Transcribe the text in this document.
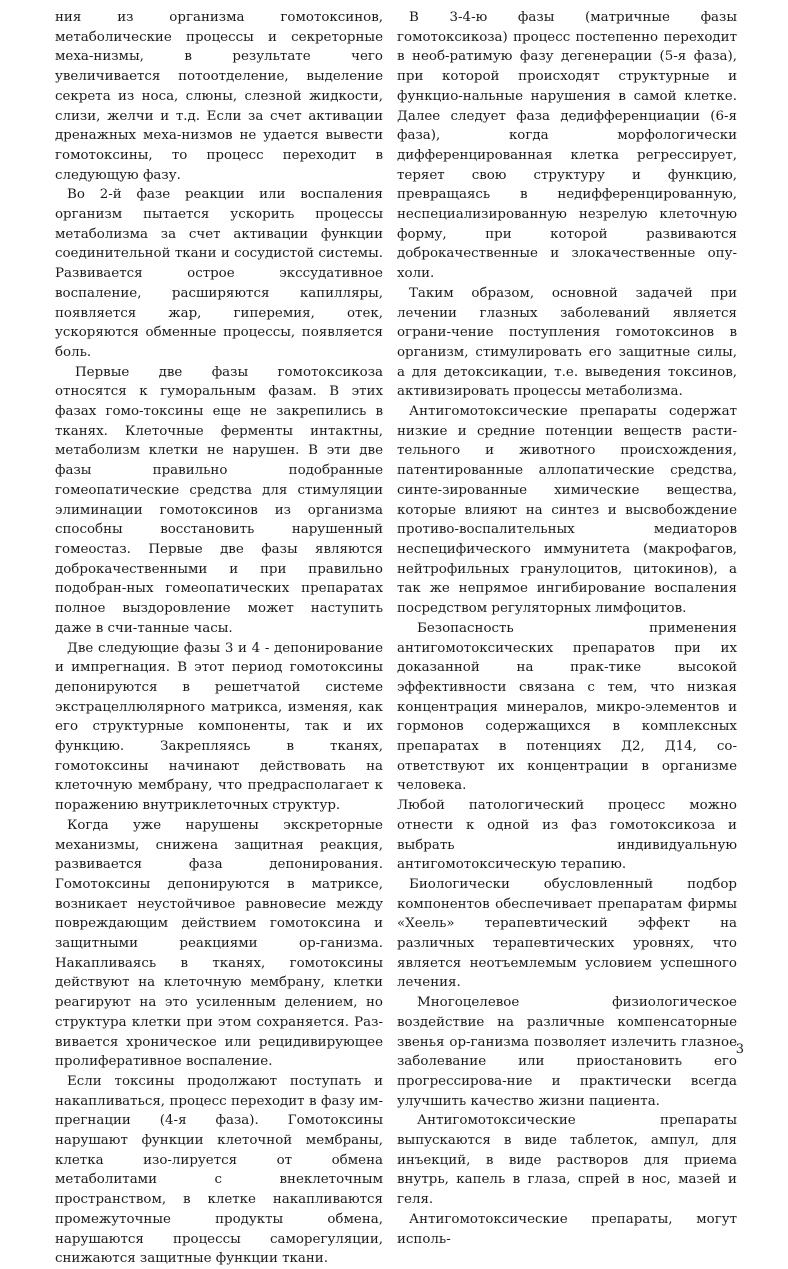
ния из организма гомотоксинов, метаболические процессы и секреторные меха-низмы, в результате чего увеличивается потоотделение, выделение секрета из носа, слюны, слезной жидкости, слизи, желчи и т.д. Если за счет активации дренажных меха-низмов не удается вывести гомотоксины, то процесс переходит в следующую фазу.

Во 2-й фазе реакции или воспаления организм пытается ускорить процессы метаболизма за счет активации функции соединительной ткани и сосудистой системы. Развивается острое экссудативное воспаление, расширяются капилляры, появляется жар, гиперемия, отек, ускоряются обменные процессы, появляется боль.

Первые две фазы гомотоксикоза относятся к гуморальным фазам. В этих фазах гомо-токсины еще не закрепились в тканях. Клеточные ферменты интактны, метаболизм клетки не нарушен. В эти две фазы правильно подобранные гомеопатические средства для стимуляции элиминации гомотоксинов из организма способны восстановить нарушенный гомеостаз. Первые две фазы являются доброкачественными и при правильно подобран-ных гомеопатических препаратах полное выздоровление может наступить даже в счи-танные часы.

Две следующие фазы 3 и 4 - депонирование и импрегнация. В этот период гомотоксины депонируются в решетчатой системе экстрацеллюлярного матрикса, изменяя, как его структурные компоненты, так и их функцию. Закрепляясь в тканях, гомотоксины начинают действовать на клеточную мембрану, что предрасполагает к поражению внутриклеточных структур.

Когда уже нарушены экскреторные механизмы, снижена защитная реакция, развивается фаза депонирования. Гомотоксины депонируются в матриксе, возникает неустойчивое равновесие между повреждающим действием гомотоксина и защитными реакциями ор-ганизма. Накапливаясь в тканях, гомотоксины действуют на клеточную мембрану, клетки реагируют на это усиленным делением, но структура клетки при этом сохраняется. Раз-вивается хроническое или рецидивирующее пролиферативное воспаление.

Если токсины продолжают поступать и накапливаться, процесс переходит в фазу им-прегнации (4-я фаза). Гомотоксины нарушают функции клеточной мембраны, клетка изо-лируется от обмена метаболитами с внеклеточным пространством, в клетке накапливаются промежуточные продукты обмена, нарушаются процессы саморегуляции, снижаются защитные функции ткани.

В 3-4-ю фазы (матричные фазы гомотоксикоза) процесс постепенно переходит в необ-ратимую фазу дегенерации (5-я фаза), при которой происходят структурные и функцио-нальные нарушения в самой клетке. Далее следует фаза дедифференциации (6-я фаза), когда морфологически дифференцированная клетка регрессирует, теряет свою структуру и функцию, превращаясь в недифференцированную, неспециализированную незрелую клеточную форму, при которой развиваются доброкачественные и злокачественные опу-холи.

Таким образом, основной задачей при лечении глазных заболеваний является ограни-чение поступления гомотоксинов в организм, стимулировать его защитные силы, а для детоксикации, т.е. выведения токсинов, активизировать процессы метаболизма.

Антигомотоксические препараты содержат низкие и средние потенции веществ расти-тельного и животного происхождения, патентированные аллопатические средства, синте-зированные химические вещества, которые влияют на синтез и высвобождение противо-воспалительных медиаторов неспецифического иммунитета (макрофагов, нейтрофильных гранулоцитов, цитокинов), а так же непрямое ингибирование воспаления посредством регуляторных лимфоцитов.

Безопасность применения антигомотоксических препаратов при их доказанной на прак-тике высокой эффективности связана с тем, что низкая концентрация минералов, микро-элементов и гормонов содержащихся в комплексных препаратах в потенциях Д2, Д14, со-ответствуют их концентрации в организме человека.

Любой патологический процесс можно отнести к одной из фаз гомотоксикоза и выбрать индивидуальную антигомотоксическую терапию.

Биологически обусловленный подбор компонентов обеспечивает препаратам фирмы «Хеель» терапевтический эффект на различных терапевтических уровнях, что является неотъемлемым условием успешного лечения.

Многоцелевое физиологическое воздействие на различные компенсаторные звенья ор-ганизма позволяет излечить глазное заболевание или приостановить его прогрессирова-ние и практически всегда улучшить качество жизни пациента.

Антигомотоксические препараты выпускаются в виде таблеток, ампул, для инъекций, в виде растворов для приема внутрь, капель в глаза, спрей в нос, мазей и геля.

Антигомотоксические препараты, могут исполь-

3
